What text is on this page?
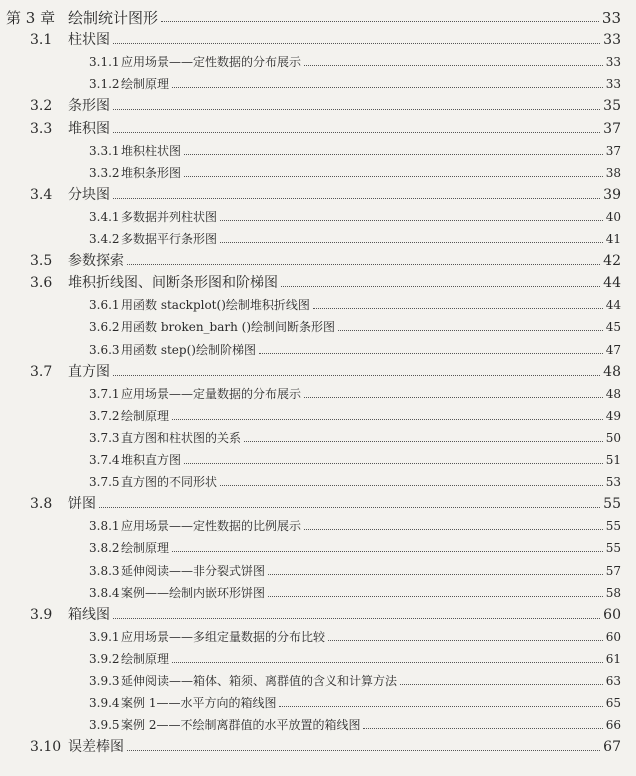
第 3 章 绘制统计图形	33
3.1	柱状图	33
3.1.1 应用场景——定性数据的分布展示	33
3.1.2 绘制原理	33
3.2	条形图	35
3.3	堆积图	37
3.3.1 堆积柱状图	37
3.3.2 堆积条形图	38
3.4	分块图	39
3.4.1 多数据并列柱状图	40
3.4.2 多数据平行条形图	41
3.5	参数探索	42
3.6	堆积折线图、间断条形图和阶梯图	44
3.6.1 用函数 stackplot()绘制堆积折线图	44
3.6.2 用函数 broken_barh ()绘制间断条形图	45
3.6.3 用函数 step()绘制阶梯图	47
3.7	直方图	48
3.7.1 应用场景——定量数据的分布展示	48
3.7.2 绘制原理	49
3.7.3 直方图和柱状图的关系	50
3.7.4 堆积直方图	51
3.7.5 直方图的不同形状	53
3.8	饼图	55
3.8.1 应用场景——定性数据的比例展示	55
3.8.2 绘制原理	55
3.8.3 延伸阅读——非分裂式饼图	57
3.8.4 案例——绘制内嵌环形饼图	58
3.9	箱线图	60
3.9.1 应用场景——多组定量数据的分布比较	60
3.9.2 绘制原理	61
3.9.3 延伸阅读——箱体、箱须、离群值的含义和计算方法	63
3.9.4 案例 1——水平方向的箱线图	65
3.9.5 案例 2——不绘制离群值的水平放置的箱线图	66
3.10 误差棒图	67
